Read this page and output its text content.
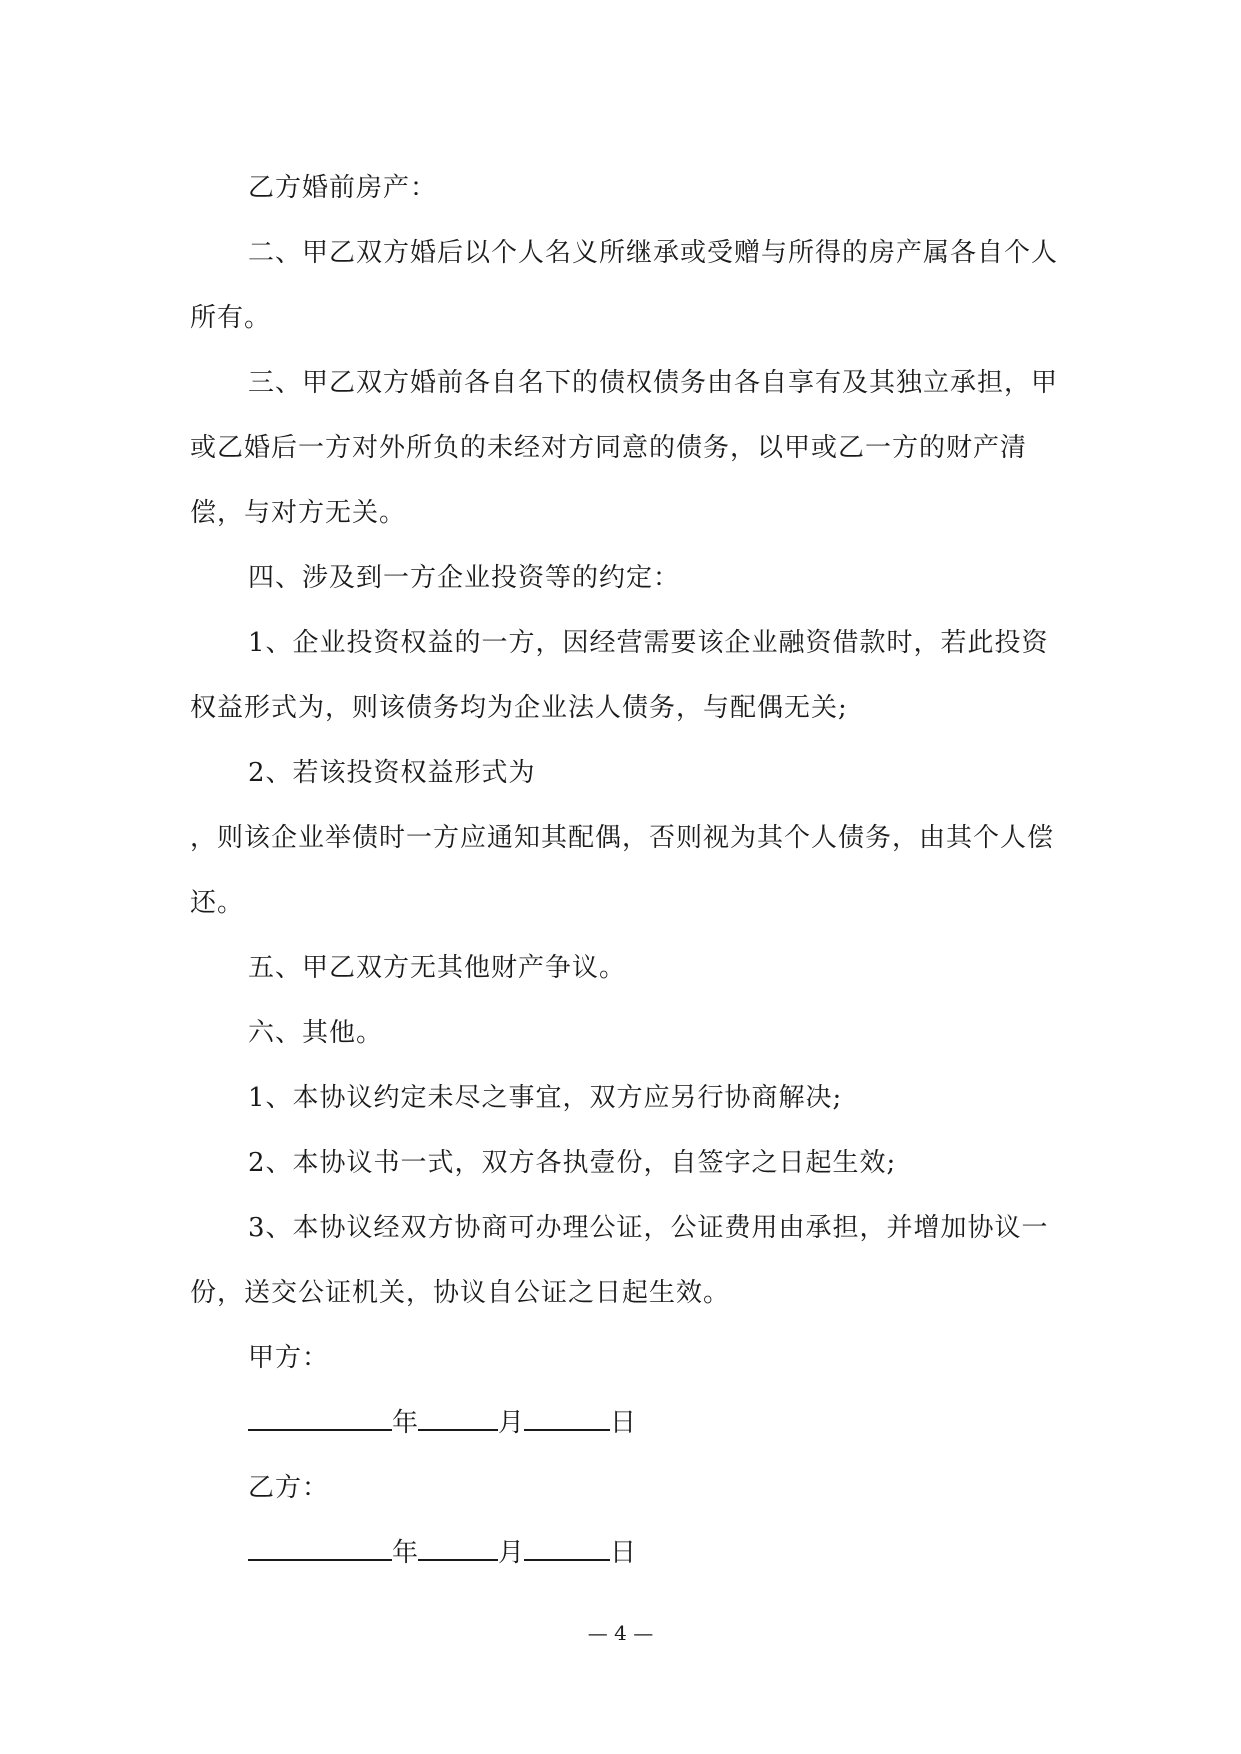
乙方婚前房产：

二、甲乙双方婚后以个人名义所继承或受赠与所得的房产属各自个人所有。

三、甲乙双方婚前各自名下的债权债务由各自享有及其独立承担，甲或乙婚后一方对外所负的未经对方同意的债务，以甲或乙一方的财产清偿，与对方无关。

四、涉及到一方企业投资等的约定：

1、企业投资权益的一方，因经营需要该企业融资借款时，若此投资权益形式为，则该债务均为企业法人债务，与配偶无关;

2、若该投资权益形式为

，则该企业举债时一方应通知其配偶，否则视为其个人债务，由其个人偿还。

五、甲乙双方无其他财产争议。

六、其他。

1、本协议约定未尽之事宜，双方应另行协商解决;

2、本协议书一式，双方各执壹份，自签字之日起生效;

3、本协议经双方协商可办理公证，公证费用由承担，并增加协议一份，送交公证机关，协议自公证之日起生效。

甲方：

年	月	日

乙方：

年	月	日

— 4 —
